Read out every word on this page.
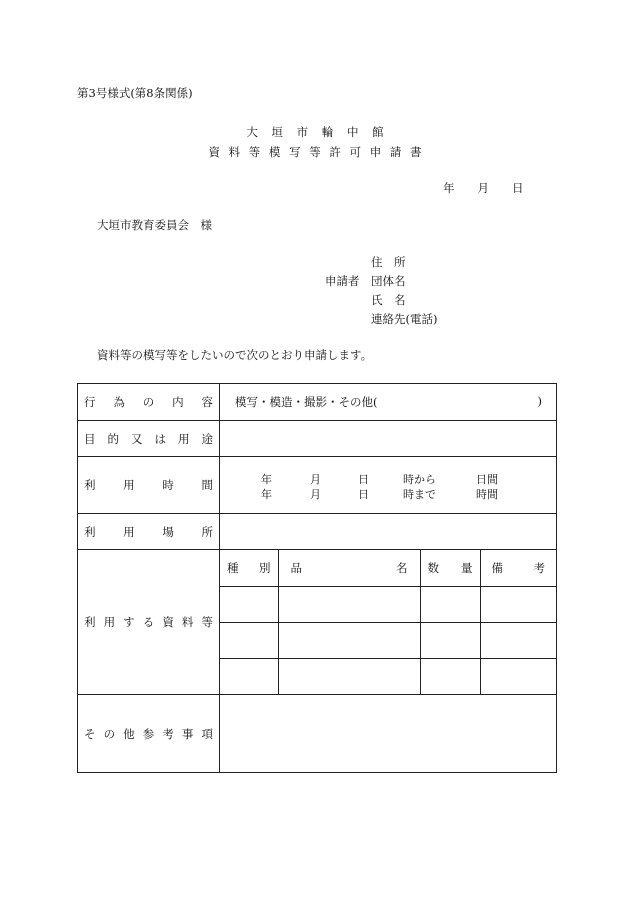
第3号様式(第8条関係)
大 垣 市 輪 中 館
資 料 等 模 写 等 許 可 申 請 書
年　　月　　日
大垣市教育委員会　様
住　所
申請者 団体名
氏　名
連絡先(電話)
資料等の模写等をしたいので次のとおり申請します。
行 為 の 内 容	模写・模造・撮影・その他(	)

目 的 又 は 用 途

利 用 時 間	年	月	日	時から	日間
年	月	日	時まで	時間

利 用 場 所

利 用 す る 資 料 等

種 別	品	名	数 量	備	考

そ の 他 参 考 事 項
